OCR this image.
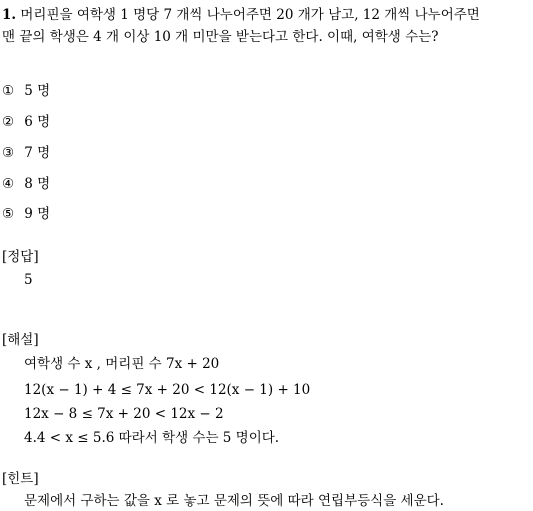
1. 머리핀을 여학생 1 명당 7 개씩 나누어주면 20 개가 남고, 12 개씩 나누어주면
맨 끝의 학생은 4 개 이상 10 개 미만을 받는다고 한다. 이때, 여학생 수는?
① 5 명
② 6 명
③ 7 명
④ 8 명
⑤ 9 명
[정답]
5
[해설]
여학생 수 x , 머리핀 수 7x + 20
12(x − 1) + 4 ≤ 7x + 20 < 12(x − 1) + 10
12x − 8 ≤ 7x + 20 < 12x − 2
4.4 < x ≤ 5.6 따라서 학생 수는 5 명이다.
[힌트]
문제에서 구하는 값을 x 로 놓고 문제의 뜻에 따라 연립부등식을 세운다.
